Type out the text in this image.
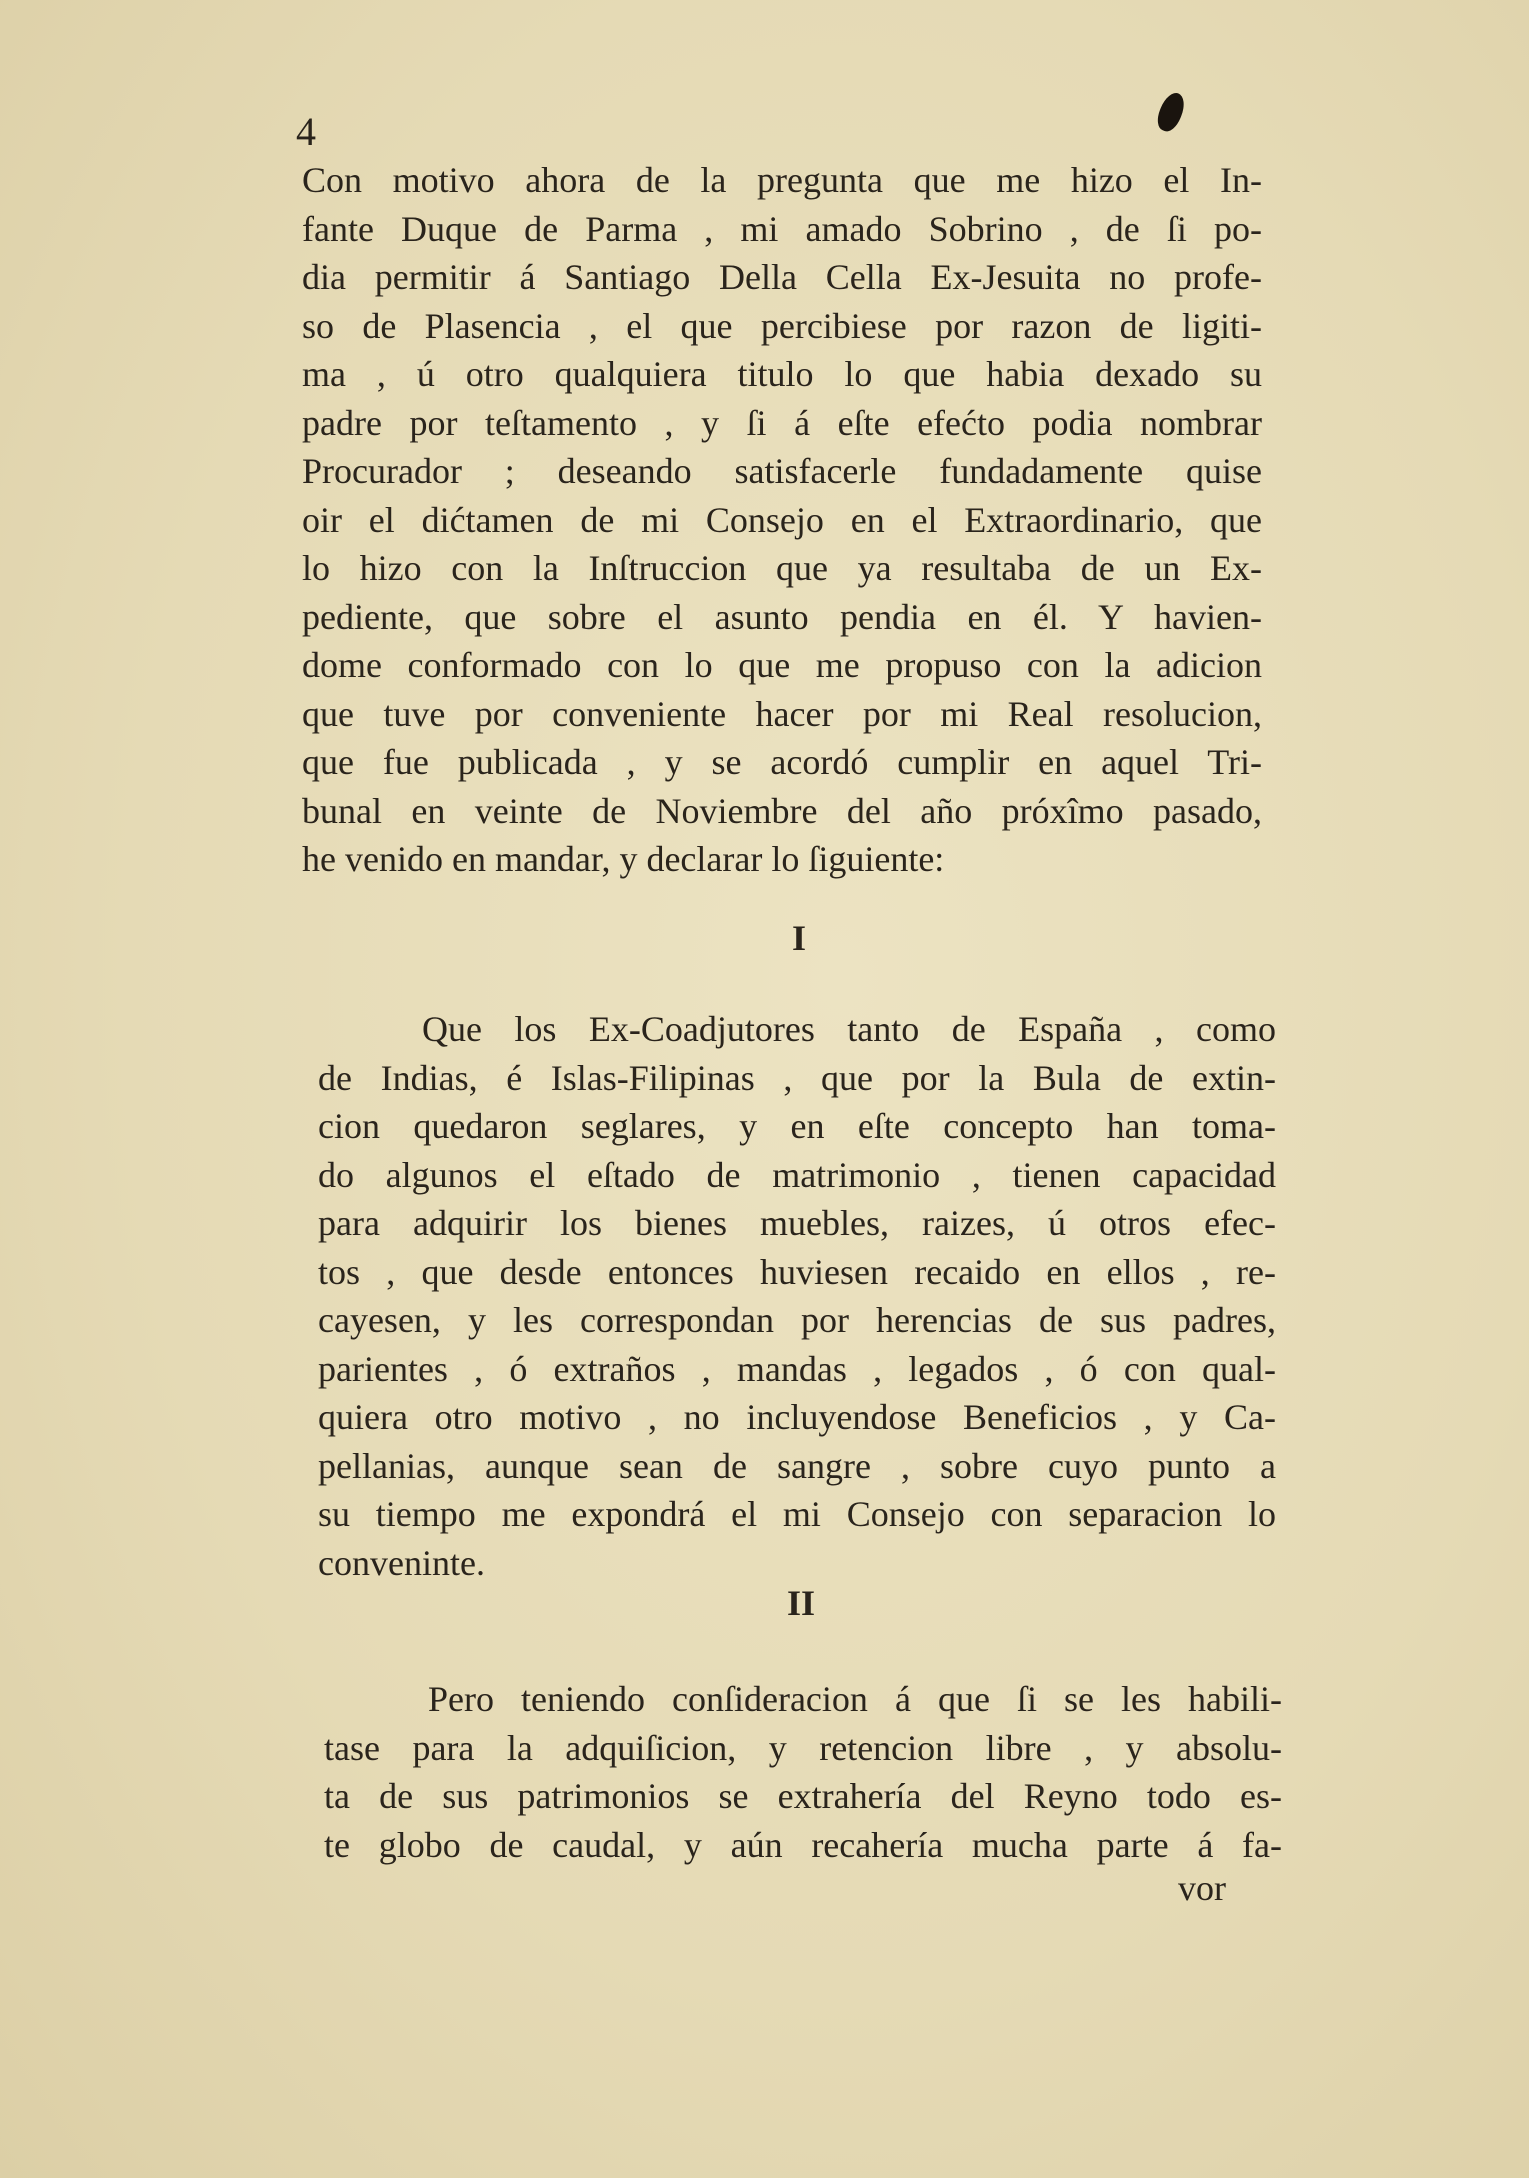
4
Con motivo ahora de la pregunta que me hizo el In-
fante Duque de Parma , mi amado Sobrino , de ſi po-
dia permitir á Santiago Della Cella Ex-Jesuita no profe-
so de Plasencia , el que percibiese por razon de ligiti-
ma , ú otro qualquiera titulo lo que habia dexado su
padre por teſtamento , y ſi á eſte efećto podia nombrar
Procurador ; deseando satisfacerle fundadamente quise
oir el dićtamen de mi Consejo en el Extraordinario, que
lo hizo con la Inſtruccion que ya resultaba de un Ex-
pediente, que sobre el asunto pendia en él. Y havien-
dome conformado con lo que me propuso con la adicion
que tuve por conveniente hacer por mi Real resolucion,
que fue publicada , y se acordó cumplir en aquel Tri-
bunal en veinte de Noviembre del año próxîmo pasado,
he venido en mandar, y declarar lo ſiguiente:
I
Que los Ex-Coadjutores tanto de España , como
de Indias, é Islas-Filipinas , que por la Bula de extin-
cion quedaron seglares, y en eſte concepto han toma-
do algunos el eſtado de matrimonio , tienen capacidad
para adquirir los bienes muebles, raizes, ú otros efec-
tos , que desde entonces huviesen recaido en ellos , re-
cayesen, y les correspondan por herencias de sus padres,
parientes , ó extraños , mandas , legados , ó con qual-
quiera otro motivo , no incluyendose Beneficios , y Ca-
pellanias, aunque sean de sangre , sobre cuyo punto a
su tiempo me expondrá el mi Consejo con separacion lo
conveninte.
II
Pero teniendo conſideracion á que ſi se les habili-
tase para la adquiſicion, y retencion libre , y absolu-
ta de sus patrimonios se extrahería del Reyno todo es-
te globo de caudal, y aún recahería mucha parte á fa-
vor
